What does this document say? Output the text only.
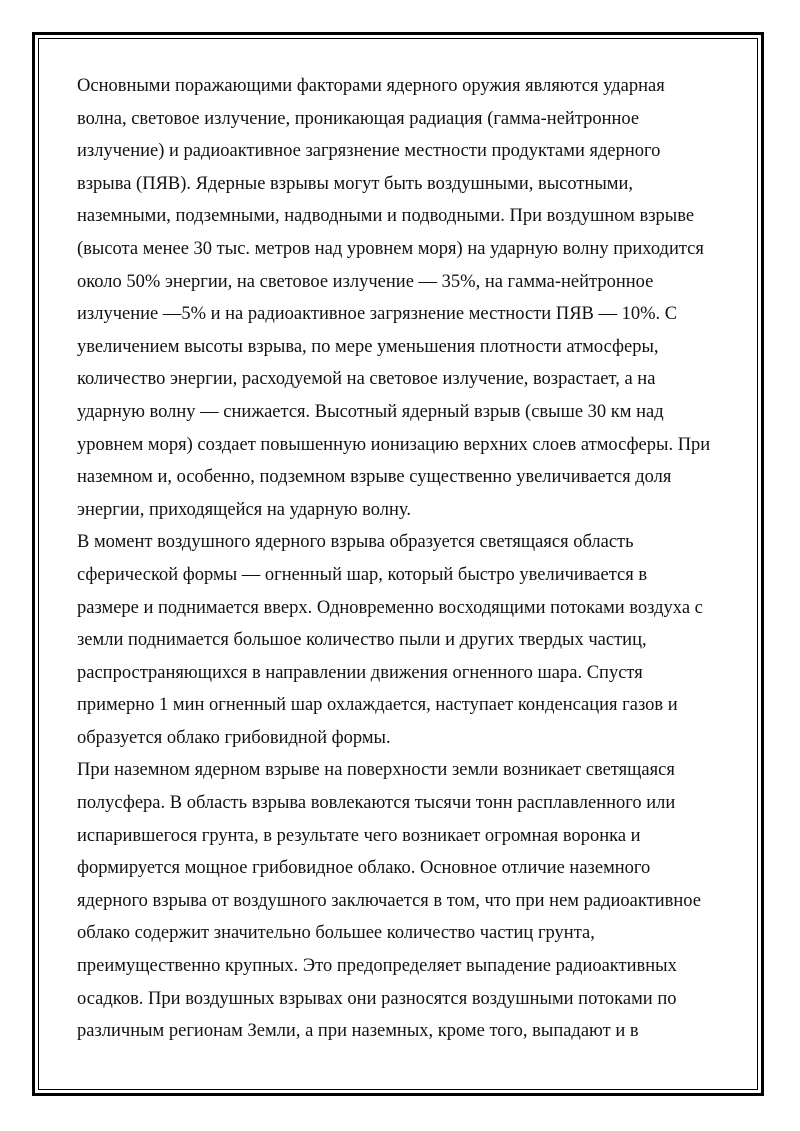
Основными поражающими факторами ядерного оружия являются ударная
волна, световое излучение, проникающая радиация (гамма-нейтронное
излучение) и радиоактивное загрязнение местности продуктами ядерного
взрыва (ПЯВ). Ядерные взрывы могут быть воздушными, высотными,
наземными, подземными, надводными и подводными. При воздушном взрыве
(высота менее 30 тыс. метров над уровнем моря) на ударную волну приходится
около 50% энергии, на световое излучение — 35%, на гамма-нейтронное
излучение —5% и на радиоактивное загрязнение местности ПЯВ — 10%. С
увеличением высоты взрыва, по мере уменьшения плотности атмосферы,
количество энергии, расходуемой на световое излучение, возрастает, а на
ударную волну — снижается. Высотный ядерный взрыв (свыше 30 км над
уровнем моря) создает повышенную ионизацию верхних слоев атмосферы. При
наземном и, особенно, подземном взрыве существенно увеличивается доля
энергии, приходящейся на ударную волну.
В момент воздушного ядерного взрыва образуется светящаяся область
сферической формы — огненный шар, который быстро увеличивается в
размере и поднимается вверх. Одновременно восходящими потоками воздуха с
земли поднимается большое количество пыли и других твердых частиц,
распространяющихся в направлении движения огненного шара. Спустя
примерно 1 мин огненный шар охлаждается, наступает конденсация газов и
образуется облако грибовидной формы.
При наземном ядерном взрыве на поверхности земли возникает светящаяся
полусфера. В область взрыва вовлекаются тысячи тонн расплавленного или
испарившегося грунта, в результате чего возникает огромная воронка и
формируется мощное грибовидное облако. Основное отличие наземного
ядерного взрыва от воздушного заключается в том, что при нем радиоактивное
облако содержит значительно большее количество частиц грунта,
преимущественно крупных. Это предопределяет выпадение радиоактивных
осадков. При воздушных взрывах они разносятся воздушными потоками по
различным регионам Земли, а при наземных, кроме того, выпадают и в
